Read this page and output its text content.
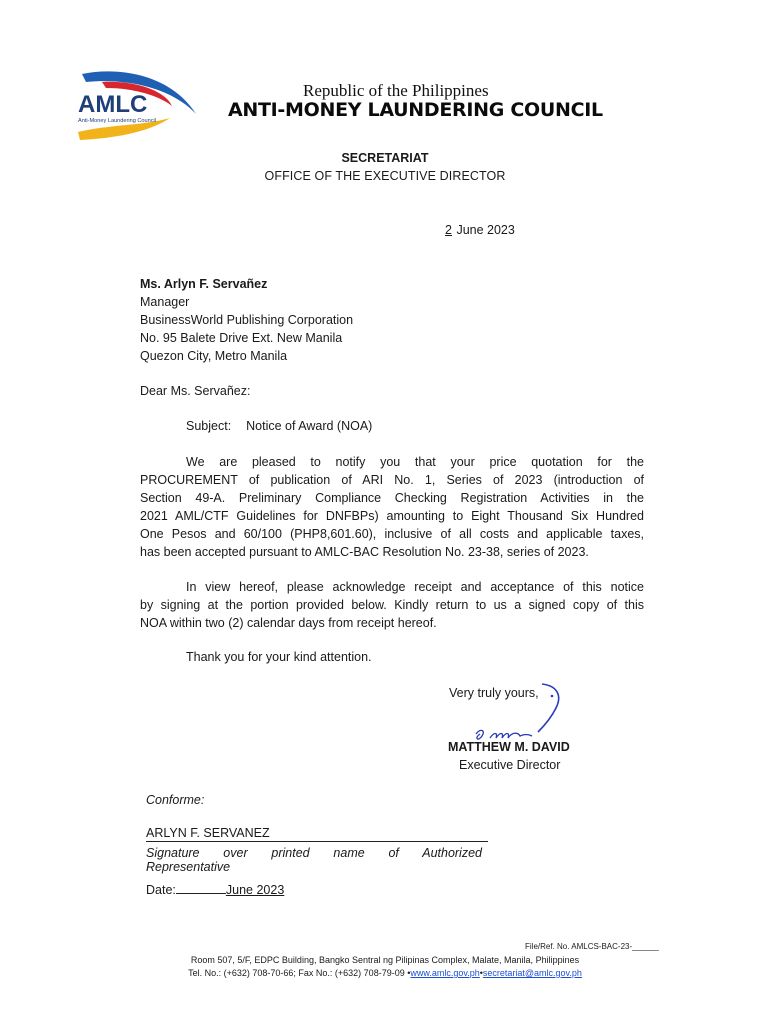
AMLC
Anti-Money Laundering Council
Republic of the Philippines
ANTI-MONEY LAUNDERING COUNCIL
SECRETARIAT
OFFICE OF THE EXECUTIVE DIRECTOR
2 June 2023
Ms. Arlyn F. Servañez
Manager
BusinessWorld Publishing Corporation
No. 95 Balete Drive Ext. New Manila
Quezon City, Metro Manila
Dear Ms. Servañez:
Subject: Notice of Award (NOA)
We are pleased to notify you that your price quotation for the
PROCUREMENT of publication of ARI No. 1, Series of 2023 (introduction of
Section 49-A. Preliminary Compliance Checking Registration Activities in the
2021 AML/CTF Guidelines for DNFBPs) amounting to Eight Thousand Six Hundred
One Pesos and 60/100 (PHP8,601.60), inclusive of all costs and applicable taxes,
has been accepted pursuant to AMLC-BAC Resolution No. 23-38, series of 2023.
In view hereof, please acknowledge receipt and acceptance of this notice
by signing at the portion provided below. Kindly return to us a signed copy of this
NOA within two (2) calendar days from receipt hereof.
Thank you for your kind attention.
Very truly yours,
MATTHEW M. DAVID
Executive Director
Conforme:
ARLYN F. SERVANEZ
Signature over printed name of Authorized
Representative
Date:	June 2023
File/Ref. No. AMLCS-BAC-23-______
Room 507, 5/F, EDPC Building, Bangko Sentral ng Pilipinas Complex, Malate, Manila, Philippines
Tel. No.: (+632) 708-70-66; Fax No.: (+632) 708-79-09 •www.amlc.gov.ph•secretariat@amlc.gov.ph
